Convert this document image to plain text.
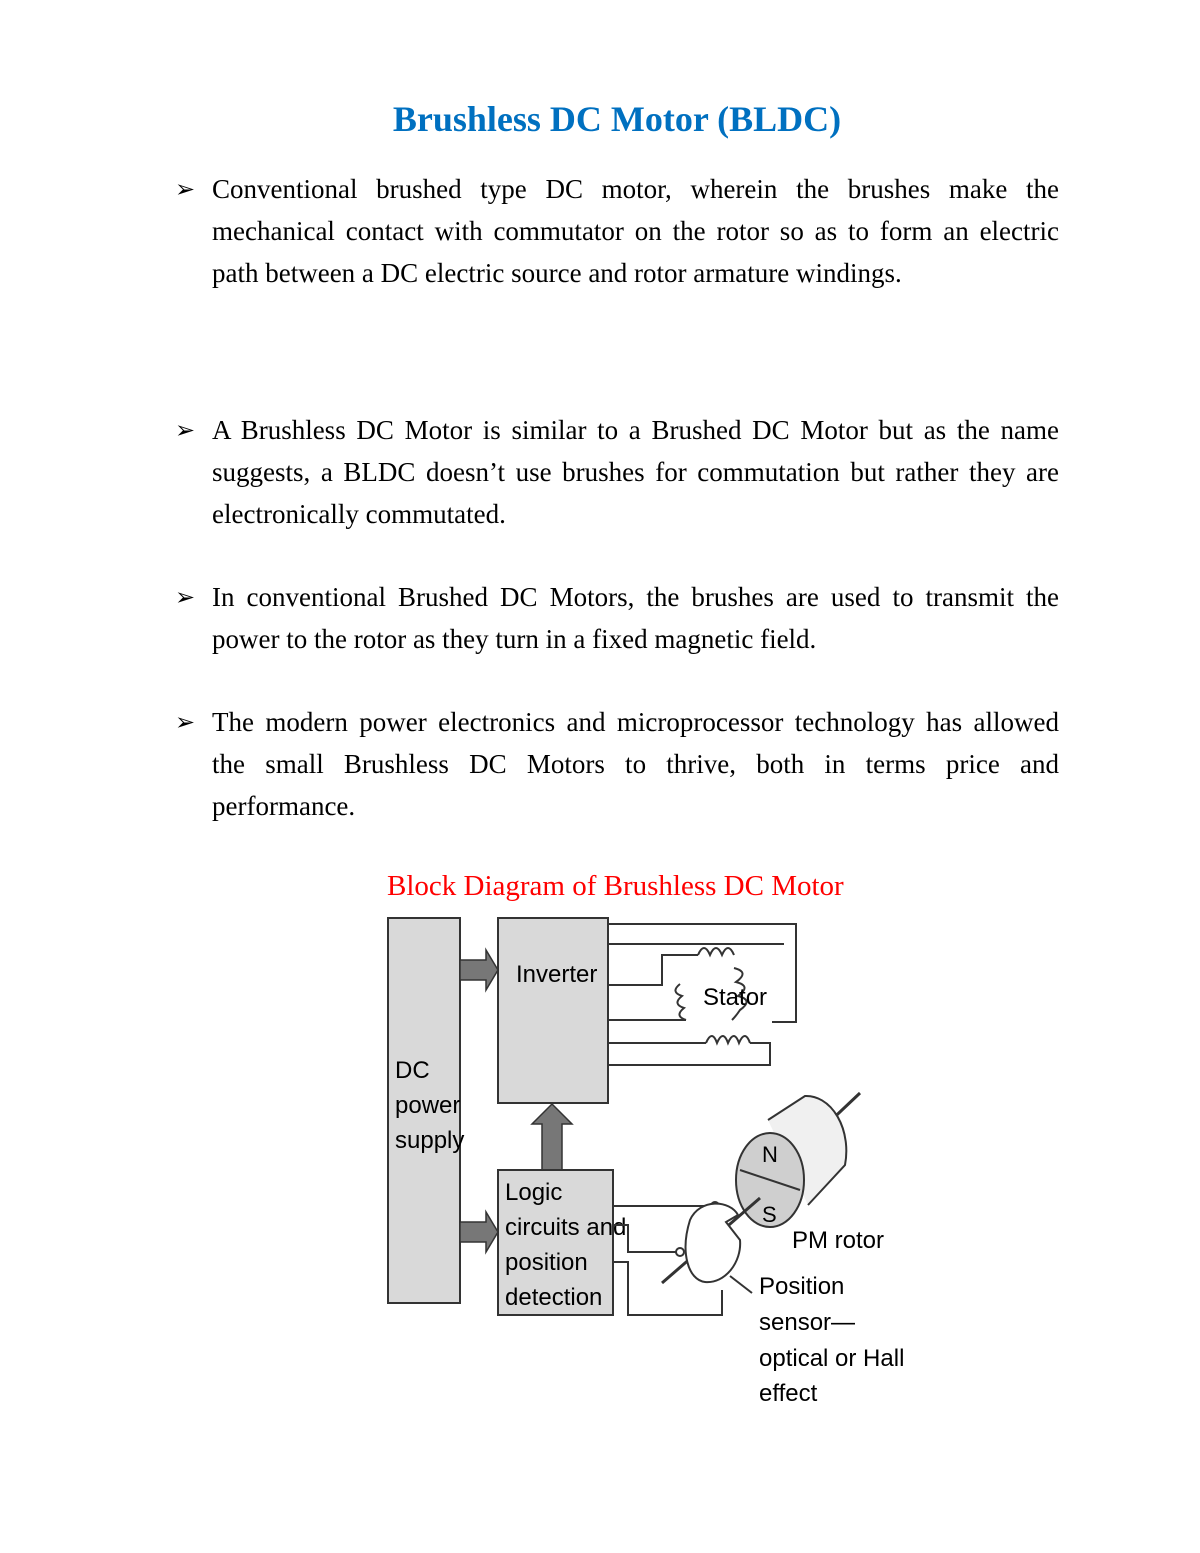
Brushless DC Motor (BLDC)
➢ Conventional brushed type DC motor, wherein the brushes make the mechanical contact with commutator on the rotor so as to form an electric path between a DC electric source and rotor armature windings.
➢ A Brushless DC Motor is similar to a Brushed DC Motor but as the name suggests, a BLDC doesn’t use brushes for commutation but rather they are electronically commutated.
➢ In conventional Brushed DC Motors, the brushes are used to transmit the power to the rotor as they turn in a fixed magnetic field.
➢ The modern power electronics and microprocessor technology has allowed the small Brushless DC Motors to thrive, both in terms price and performance.
Block Diagram of Brushless DC Motor
DC
power
supply
Inverter
Logic
circuits and
position
detection
Stator
N
S
PM rotor
Position
sensor—
optical or Hall
effect
